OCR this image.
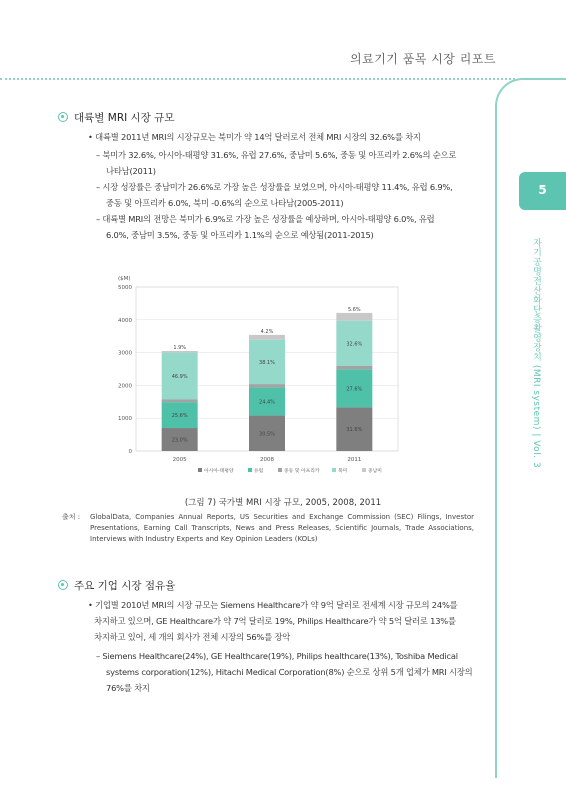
의료기기 품목 시장 리포트
5
자기공명전산화단층촬영장치 (MRI system) | Vol. 3
대륙별 MRI 시장 규모
• 대륙별 2011년 MRI의 시장규모는 북미가 약 14억 달러로서 전체 MRI 시장의 32.6%를 차지
– 북미가 32.6%, 아시아-태평양 31.6%, 유럽 27.6%, 중남미 5.6%, 중동 및 아프리카 2.6%의 순으로
나타남(2011)
– 시장 성장률은 중남미가 26.6%로 가장 높은 성장률을 보였으며, 아시아-태평양 11.4%, 유럽 6.9%,
중동 및 아프리카 6.0%, 북미 -0.6%의 순으로 나타남(2005-2011)
– 대륙별 MRI의 전망은 북미가 6.9%로 가장 높은 성장률을 예상하며, 아시아-태평양 6.0%, 유럽
6.0%, 중남미 3.5%, 중동 및 아프리카 1.1%의 순으로 예상됨(2011-2015)
($M)
0
1000
2000
3000
4000
5000
23.0%
25.6%
46.9%
1.9%
2005
30.5%
24.4%
38.1%
4.2%
2008
31.6%
27.6%
32.6%
5.6%
2011
아시아-태평양	유럽	중동 및 아프리카	북미	중남미
(그림 7) 국가별 MRI 시장 규모, 2005, 2008, 2011
출처 :	GlobalData, Companies Annual Reports, US Securities and Exchange Commission (SEC) Filings, Investor Presentations, Earning Call Transcripts, News and Press Releases, Scientific Journals, Trade Associations, Interviews with Industry Experts and Key Opinion Leaders (KOLs)
주요 기업 시장 점유율
• 기업별 2010년 MRI의 시장 규모는 Siemens Healthcare가 약 9억 달러로 전세계 시장 규모의 24%를
차지하고 있으며, GE Healthcare가 약 7억 달러로 19%, Philips Healthcare가 약 5억 달러로 13%를
차지하고 있어, 세 개의 회사가 전체 시장의 56%를 장악
– Siemens Healthcare(24%), GE Healthcare(19%), Philips healthcare(13%), Toshiba Medical
systems corporation(12%), Hitachi Medical Corporation(8%) 순으로 상위 5개 업체가 MRI 시장의
76%를 차지
